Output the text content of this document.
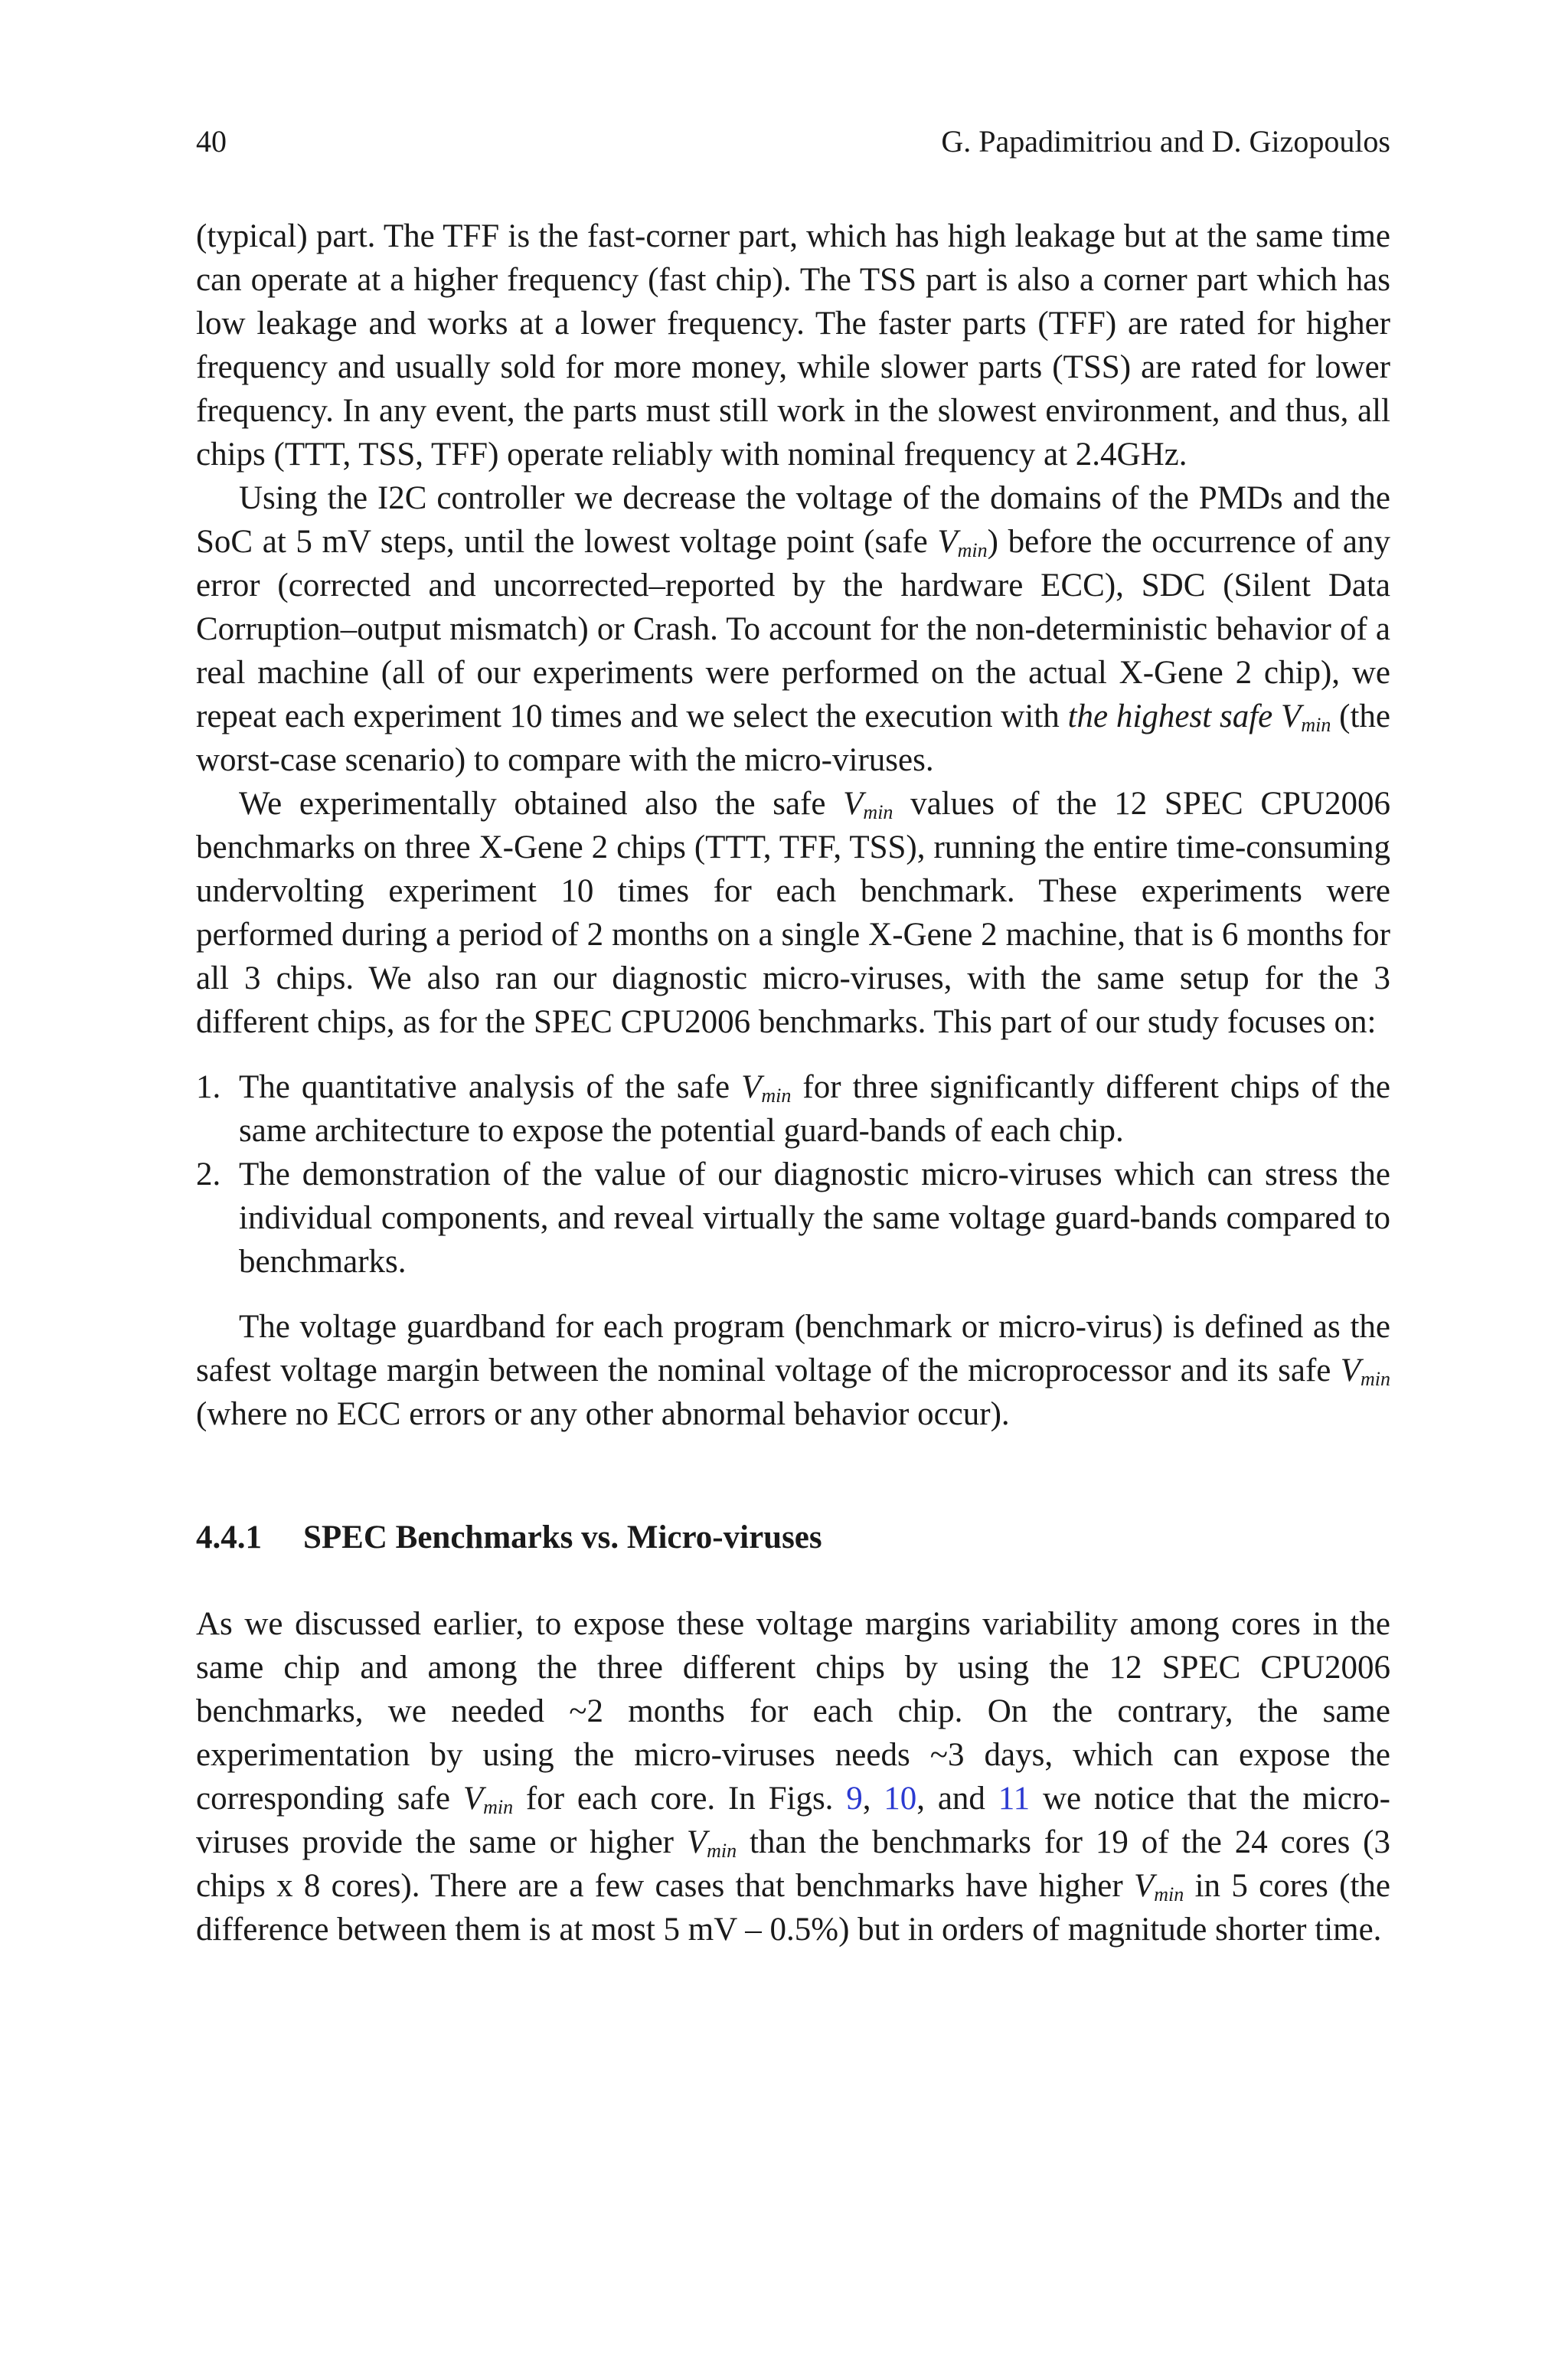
40	G. Papadimitriou and D. Gizopoulos

(typical) part. The TFF is the fast-corner part, which has high leakage but at the same time can operate at a higher frequency (fast chip). The TSS part is also a corner part which has low leakage and works at a lower frequency. The faster parts (TFF) are rated for higher frequency and usually sold for more money, while slower parts (TSS) are rated for lower frequency. In any event, the parts must still work in the slowest environment, and thus, all chips (TTT, TSS, TFF) operate reliably with nominal frequency at 2.4GHz.

Using the I2C controller we decrease the voltage of the domains of the PMDs and the SoC at 5 mV steps, until the lowest voltage point (safe $V_{min}$) before the occurrence of any error (corrected and uncorrected–reported by the hardware ECC), SDC (Silent Data Corruption–output mismatch) or Crash. To account for the non-deterministic behavior of a real machine (all of our experiments were performed on the actual X-Gene 2 chip), we repeat each experiment 10 times and we select the execution with the highest safe $V_{min}$ (the worst-case scenario) to compare with the micro-viruses.

We experimentally obtained also the safe $V_{min}$ values of the 12 SPEC CPU2006 benchmarks on three X-Gene 2 chips (TTT, TFF, TSS), running the entire time-consuming undervolting experiment 10 times for each benchmark. These experiments were performed during a period of 2 months on a single X-Gene 2 machine, that is 6 months for all 3 chips. We also ran our diagnostic micro-viruses, with the same setup for the 3 different chips, as for the SPEC CPU2006 benchmarks. This part of our study focuses on:

1. The quantitative analysis of the safe $V_{min}$ for three significantly different chips of the same architecture to expose the potential guard-bands of each chip.
2. The demonstration of the value of our diagnostic micro-viruses which can stress the individual components, and reveal virtually the same voltage guard-bands compared to benchmarks.

The voltage guardband for each program (benchmark or micro-virus) is defined as the safest voltage margin between the nominal voltage of the microprocessor and its safe $V_{min}$ (where no ECC errors or any other abnormal behavior occur).

4.4.1 SPEC Benchmarks vs. Micro-viruses

As we discussed earlier, to expose these voltage margins variability among cores in the same chip and among the three different chips by using the 12 SPEC CPU2006 benchmarks, we needed ~2 months for each chip. On the contrary, the same experimentation by using the micro-viruses needs ~3 days, which can expose the corresponding safe $V_{min}$ for each core. In Figs. 9, 10, and 11 we notice that the micro-viruses provide the same or higher $V_{min}$ than the benchmarks for 19 of the 24 cores (3 chips x 8 cores). There are a few cases that benchmarks have higher $V_{min}$ in 5 cores (the difference between them is at most 5 mV – 0.5%) but in orders of magnitude shorter time.
